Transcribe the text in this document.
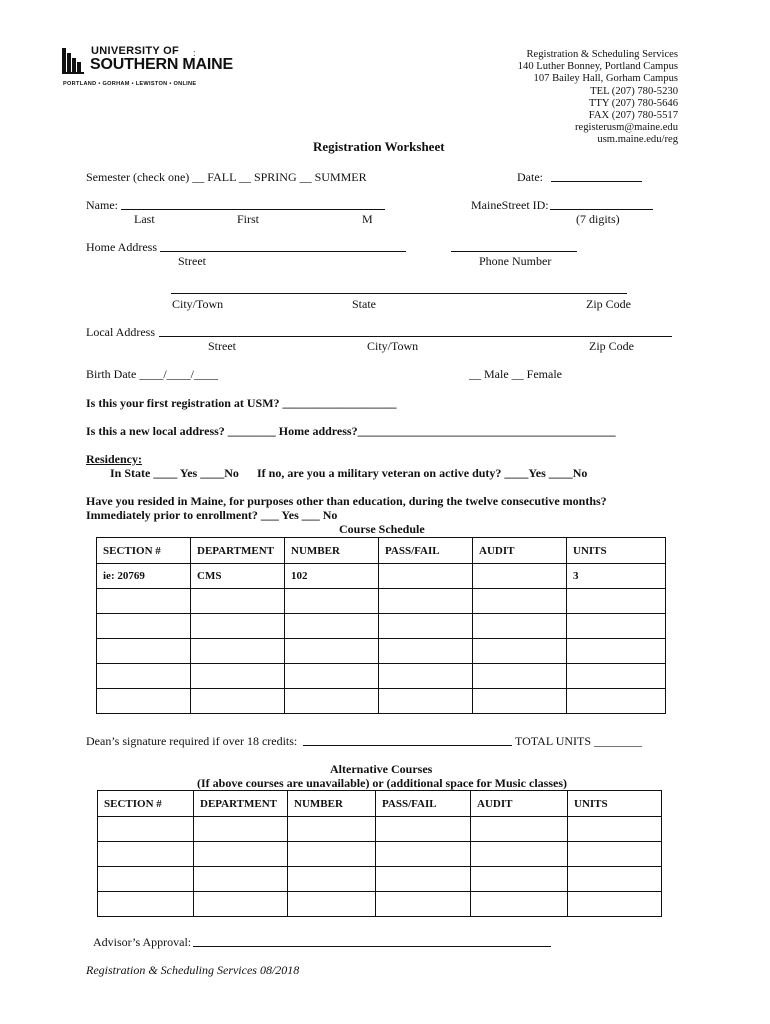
UNIVERSITY OF
SOUTHERN MAINE
PORTLAND • GORHAM • LEWISTON • ONLINE
:	Registration & Scheduling Services
140 Luther Bonney, Portland Campus
107 Bailey Hall, Gorham Campus
TEL (207) 780-5230
TTY (207) 780-5646
FAX (207) 780-5517
registerusm@maine.edu
usm.maine.edu/reg
Registration Worksheet
Semester (check one) __ FALL __ SPRING __ SUMMER	Date:
Name:
Last	First	M
MaineStreet ID:
(7 digits)
Home Address
Street	Phone Number
City/Town	State	Zip Code
Local Address
Street	City/Town	Zip Code
Birth Date ____/____/____	__ Male __ Female
Is this your first registration at USM? ___________________
Is this a new local address? ________ Home address?___________________________________________
Residency:
In State ____ Yes ____No If no, are you a military veteran on active duty? ____Yes ____No
Have you resided in Maine, for purposes other than education, during the twelve consecutive months?
Immediately prior to enrollment? ___ Yes ___ No
Course Schedule
SECTION #	DEPARTMENT	NUMBER	PASS/FAIL	AUDIT	UNITS
ie: 20769	CMS	102			3

Dean’s signature required if over 18 credits:	TOTAL UNITS ________
Alternative Courses
(If above courses are unavailable) or (additional space for Music classes)
SECTION #	DEPARTMENT	NUMBER	PASS/FAIL	AUDIT	UNITS

Advisor’s Approval:
Registration & Scheduling Services 08/2018
